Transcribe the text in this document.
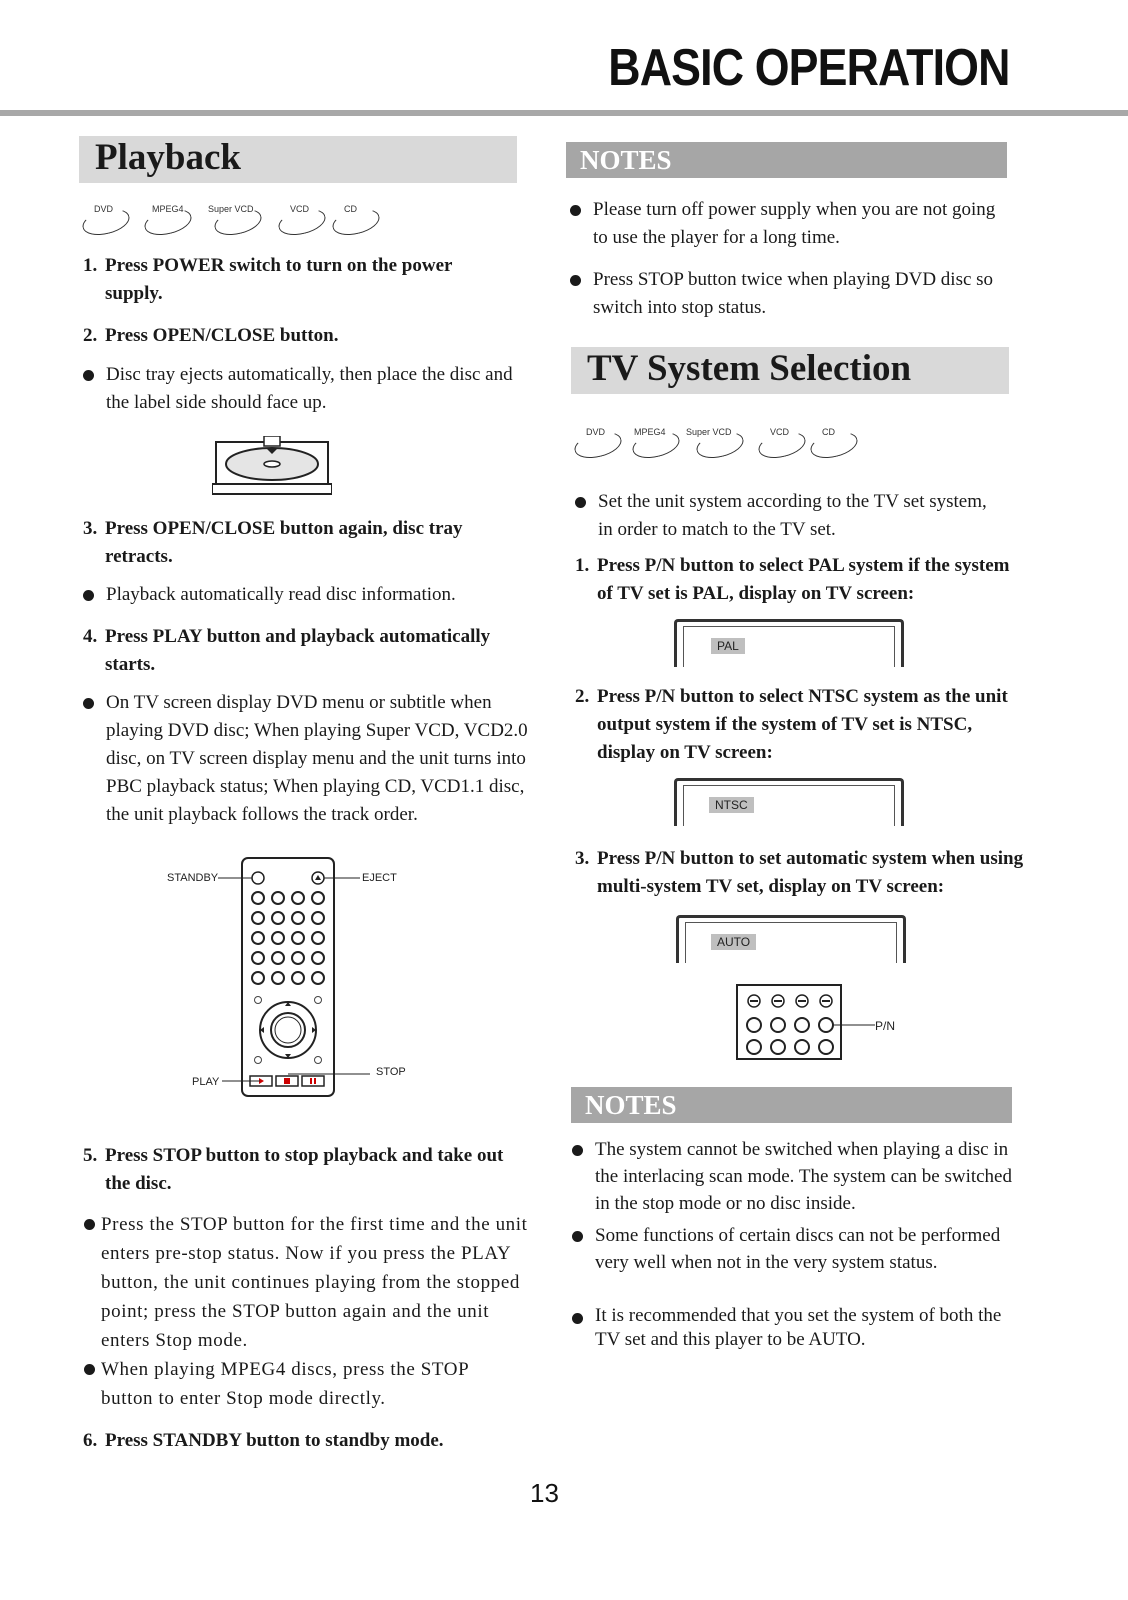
BASIC OPERATION
Playback
DVD	MPEG4	Super VCD	VCD	CD
1. Press POWER switch to turn on the power supply.
2. Press OPEN/CLOSE button.
Disc tray ejects automatically, then place the disc and the label side should face up.
3. Press OPEN/CLOSE button again, disc tray retracts.
Playback automatically read disc information.
4. Press PLAY button and playback automatically starts.
On TV screen display DVD menu or subtitle when playing DVD disc; When playing Super VCD, VCD2.0 disc, on TV screen display menu and the unit turns into PBC playback status; When playing CD, VCD1.1 disc, the unit playback follows the track order.
STANDBY	EJECT
PLAY
STOP
5. Press STOP button to stop playback and take out the disc.
Press the STOP button for the first time and the unit enters pre-stop status. Now if you press the PLAY button, the unit continues playing from the stopped point; press the STOP button again and the unit enters Stop mode.
When playing MPEG4 discs, press the STOP button to enter Stop mode directly.
6. Press STANDBY button to standby mode.
NOTES
Please turn off power supply when you are not going to use the player for a long time.
Press STOP button twice when playing DVD disc so switch into stop status.
TV System Selection
DVD	MPEG4 Super VCD	VCD	CD
Set the unit system according to the TV set system, in order to match to the TV set.
1. Press P/N button to select PAL system if the system of TV set is PAL, display on TV screen:
PAL
2. Press P/N button to select NTSC system as the unit output system if the system of TV set is NTSC, display on TV screen:
NTSC
3. Press P/N button to set automatic system when using multi-system TV set, display on TV screen:
AUTO
P/N
NOTES
The system cannot be switched when playing a disc in the interlacing scan mode. The system can be switched in the stop mode or no disc inside.
Some functions of certain discs can not be performed very well when not in the very system status.
It is recommended that you set the system of both the TV set and this player to be AUTO.
13
